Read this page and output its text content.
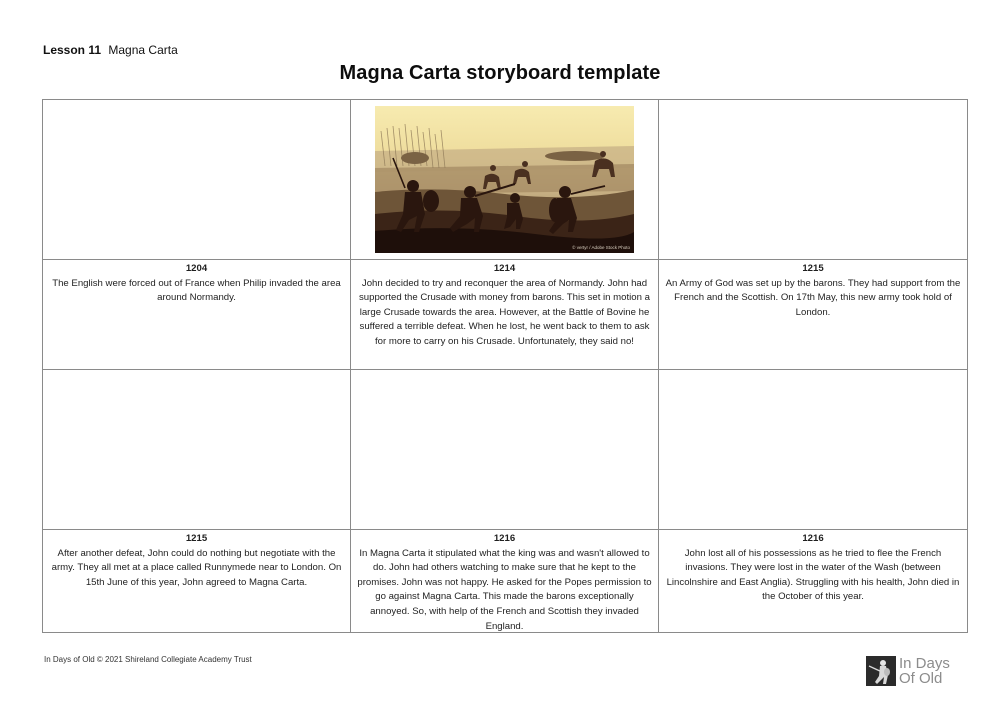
Lesson 11 Magna Carta
Magna Carta storyboard template
© vertyr / Adobe Stock Photo
1204
The English were forced out of France when Philip invaded the area around Normandy.
1214
John decided to try and reconquer the area of Normandy. John had supported the Crusade with money from barons. This set in motion a large Crusade towards the area. However, at the Battle of Bovine he suffered a terrible defeat. When he lost, he went back to them to ask for more to carry on his Crusade. Unfortunately, they said no!
1215
An Army of God was set up by the barons. They had support from the French and the Scottish. On 17th May, this new army took hold of London.
1215
After another defeat, John could do nothing but negotiate with the army. They all met at a place called Runnymede near to London. On 15th June of this year, John agreed to Magna Carta.
1216
In Magna Carta it stipulated what the king was and wasn't allowed to do. John had others watching to make sure that he kept to the promises. John was not happy. He asked for the Popes permission to go against Magna Carta. This made the barons exceptionally annoyed. So, with help of the French and Scottish they invaded England.
1216
John lost all of his possessions as he tried to flee the French invasions. They were lost in the water of the Wash (between Lincolnshire and East Anglia). Struggling with his health, John died in the October of this year.
In Days of Old © 2021 Shireland Collegiate Academy Trust	In Days
Of Old
